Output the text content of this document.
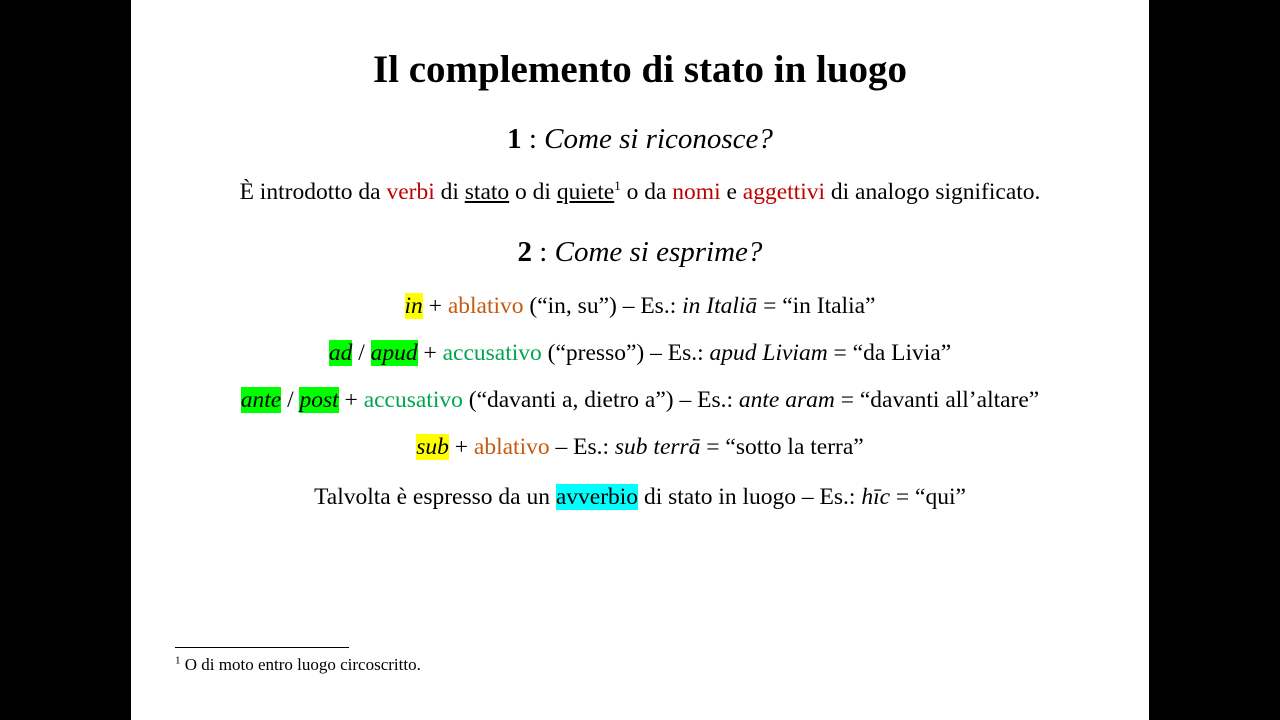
Il complemento di stato in luogo
1 : Come si riconosce?
È introdotto da verbi di stato o di quiete$^1$ o da nomi e aggettivi di analogo significato.
2 : Come si esprime?
in + ablativo (“in, su”) – Es.: in Italiā = “in Italia”
ad / apud + accusativo (“presso”) – Es.: apud Liviam = “da Livia”
ante / post + accusativo (“davanti a, dietro a”) – Es.: ante aram = “davanti all’altare”
sub + ablativo – Es.: sub terrā = “sotto la terra”
Talvolta è espresso da un avverbio di stato in luogo – Es.: hīc = “qui”
$^1$ O di moto entro luogo circoscritto.
